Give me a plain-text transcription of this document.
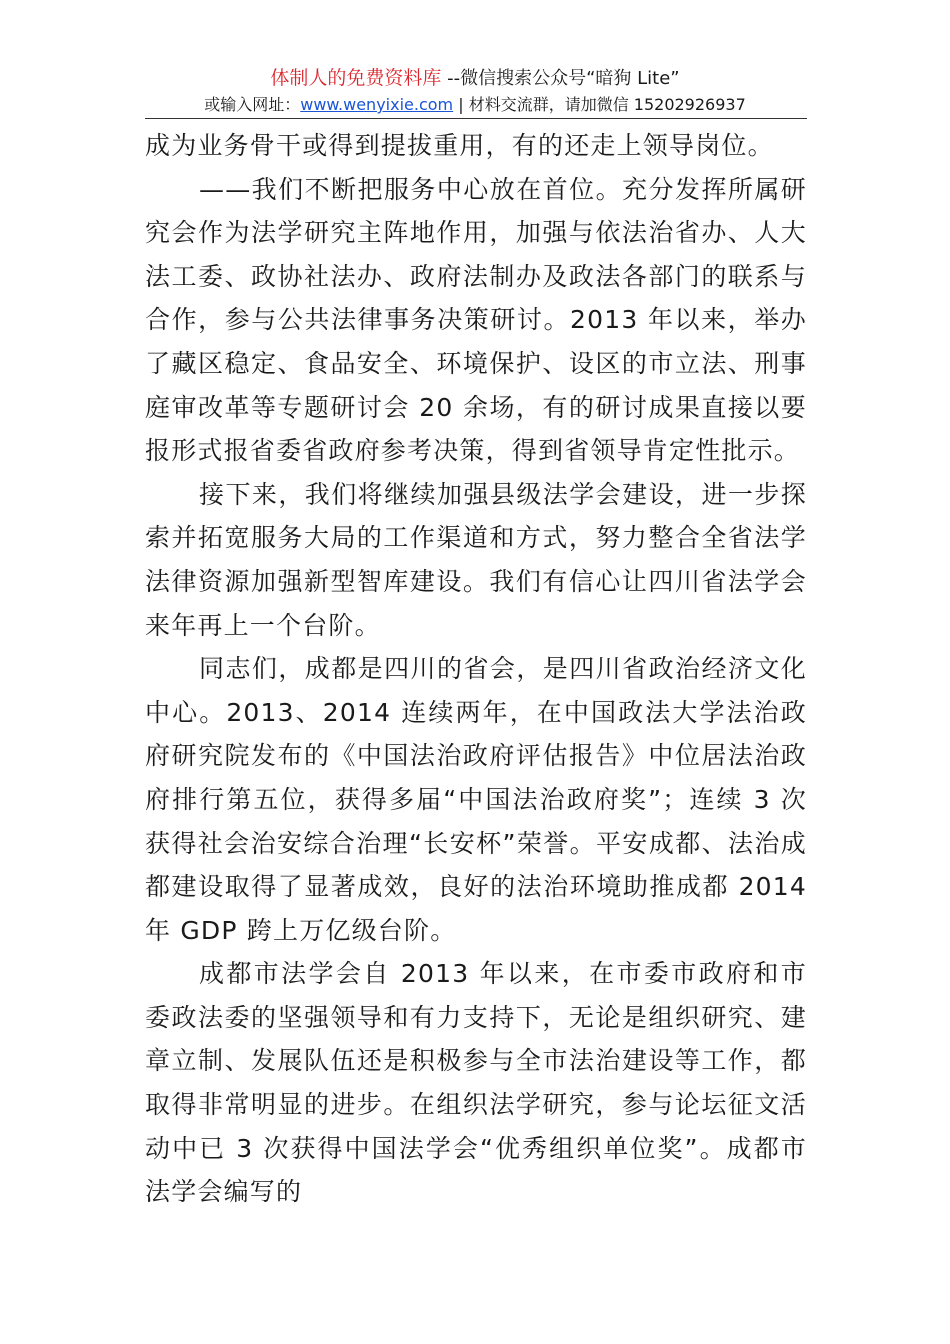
体制人的免费资料库 --微信搜索公众号“暗狗 Lite”
或输入网址：www.wenyixie.com | 材料交流群，请加微信 15202926937

成为业务骨干或得到提拔重用，有的还走上领导岗位。

——我们不断把服务中心放在首位。充分发挥所属研究会作为法学研究主阵地作用，加强与依法治省办、人大法工委、政协社法办、政府法制办及政法各部门的联系与合作，参与公共法律事务决策研讨。2013 年以来，举办了藏区稳定、食品安全、环境保护、设区的市立法、刑事庭审改革等专题研讨会 20 余场，有的研讨成果直接以要报形式报省委省政府参考决策，得到省领导肯定性批示。

接下来，我们将继续加强县级法学会建设，进一步探索并拓宽服务大局的工作渠道和方式，努力整合全省法学法律资源加强新型智库建设。我们有信心让四川省法学会来年再上一个台阶。

同志们，成都是四川的省会，是四川省政治经济文化中心。2013、2014 连续两年，在中国政法大学法治政府研究院发布的《中国法治政府评估报告》中位居法治政府排行第五位，获得多届“中国法治政府奖”；连续 3 次获得社会治安综合治理“长安杯”荣誉。平安成都、法治成都建设取得了显著成效，良好的法治环境助推成都 2014 年 GDP 跨上万亿级台阶。

成都市法学会自 2013 年以来，在市委市政府和市委政法委的坚强领导和有力支持下，无论是组织研究、建章立制、发展队伍还是积极参与全市法治建设等工作，都取得非常明显的进步。在组织法学研究，参与论坛征文活动中已 3 次获得中国法学会“优秀组织单位奖”。成都市法学会编写的
